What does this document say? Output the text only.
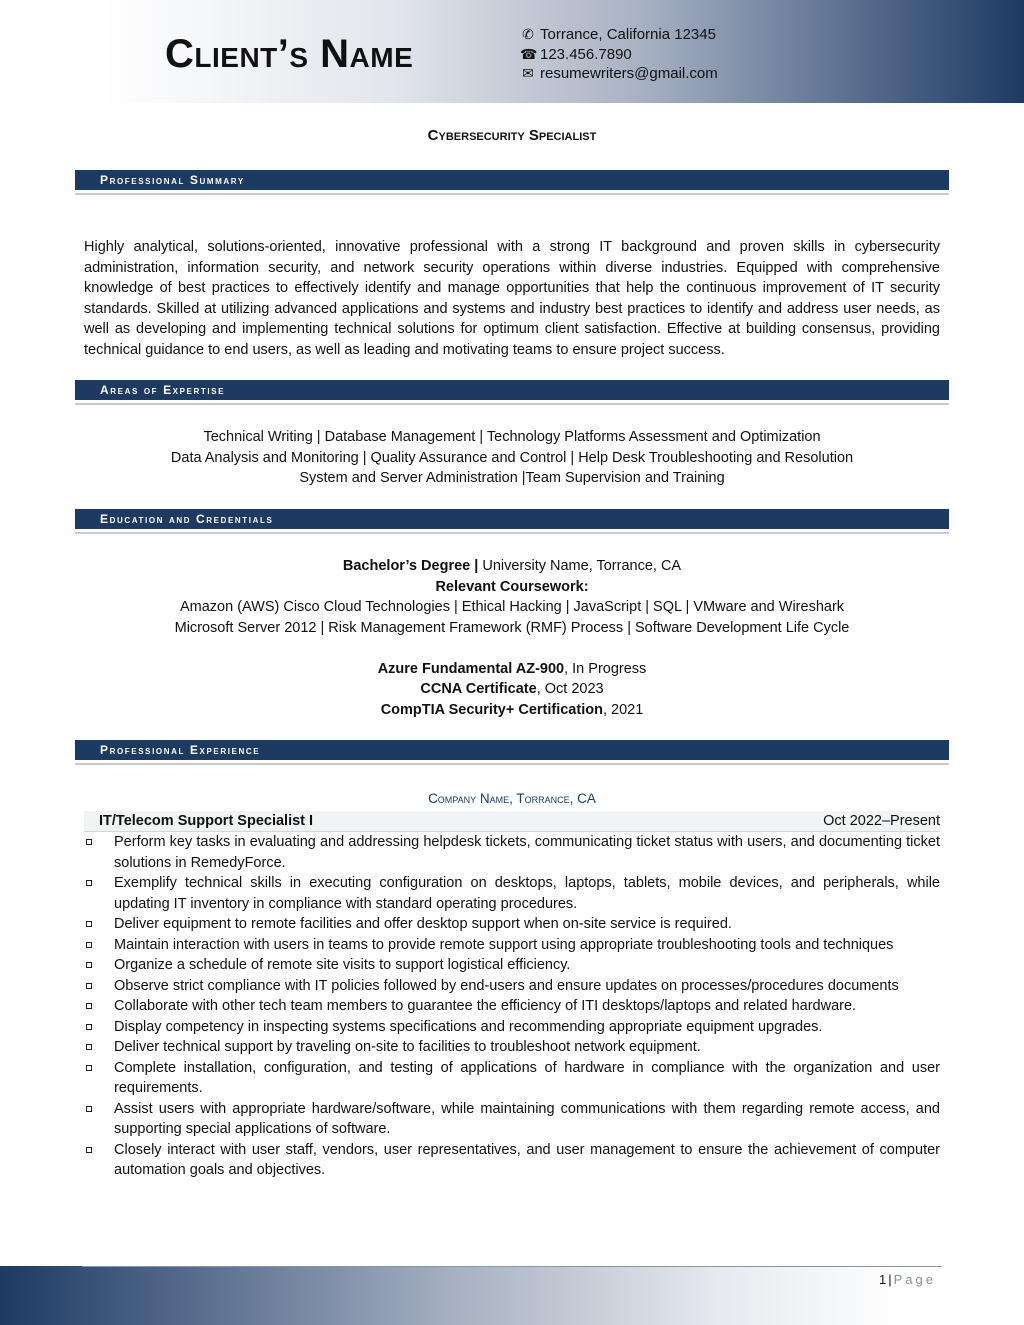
Client’s Name	✆ Torrance, California 12345
☎ 123.456.7890
✉ resumewriters@gmail.com
Cybersecurity Specialist
Professional Summary
Highly analytical, solutions-oriented, innovative professional with a strong IT background and proven skills in cybersecurity administration, information security, and network security operations within diverse industries. Equipped with comprehensive knowledge of best practices to effectively identify and manage opportunities that help the continuous improvement of IT security standards. Skilled at utilizing advanced applications and systems and industry best practices to identify and address user needs, as well as developing and implementing technical solutions for optimum client satisfaction. Effective at building consensus, providing technical guidance to end users, as well as leading and motivating teams to ensure project success.
Areas of Expertise
Technical Writing | Database Management | Technology Platforms Assessment and Optimization
Data Analysis and Monitoring | Quality Assurance and Control | Help Desk Troubleshooting and Resolution
System and Server Administration |Team Supervision and Training
Education and Credentials
Bachelor’s Degree | University Name, Torrance, CA
Relevant Coursework:
Amazon (AWS) Cisco Cloud Technologies | Ethical Hacking | JavaScript | SQL | VMware and Wireshark
Microsoft Server 2012 | Risk Management Framework (RMF) Process | Software Development Life Cycle
Azure Fundamental AZ-900, In Progress
CCNA Certificate, Oct 2023
CompTIA Security+ Certification, 2021
Professional Experience
Company Name, Torrance, CA
IT/Telecom Support Specialist I	Oct 2022–Present
Perform key tasks in evaluating and addressing helpdesk tickets, communicating ticket status with users, and documenting ticket solutions in RemedyForce.
Exemplify technical skills in executing configuration on desktops, laptops, tablets, mobile devices, and peripherals, while updating IT inventory in compliance with standard operating procedures.
Deliver equipment to remote facilities and offer desktop support when on-site service is required.
Maintain interaction with users in teams to provide remote support using appropriate troubleshooting tools and techniques
Organize a schedule of remote site visits to support logistical efficiency.
Observe strict compliance with IT policies followed by end-users and ensure updates on processes/procedures documents
Collaborate with other tech team members to guarantee the efficiency of ITI desktops/laptops and related hardware.
Display competency in inspecting systems specifications and recommending appropriate equipment upgrades.
Deliver technical support by traveling on-site to facilities to troubleshoot network equipment.
Complete installation, configuration, and testing of applications of hardware in compliance with the organization and user requirements.
Assist users with appropriate hardware/software, while maintaining communications with them regarding remote access, and supporting special applications of software.
Closely interact with user staff, vendors, user representatives, and user management to ensure the achievement of computer automation goals and objectives.
1 | Page
